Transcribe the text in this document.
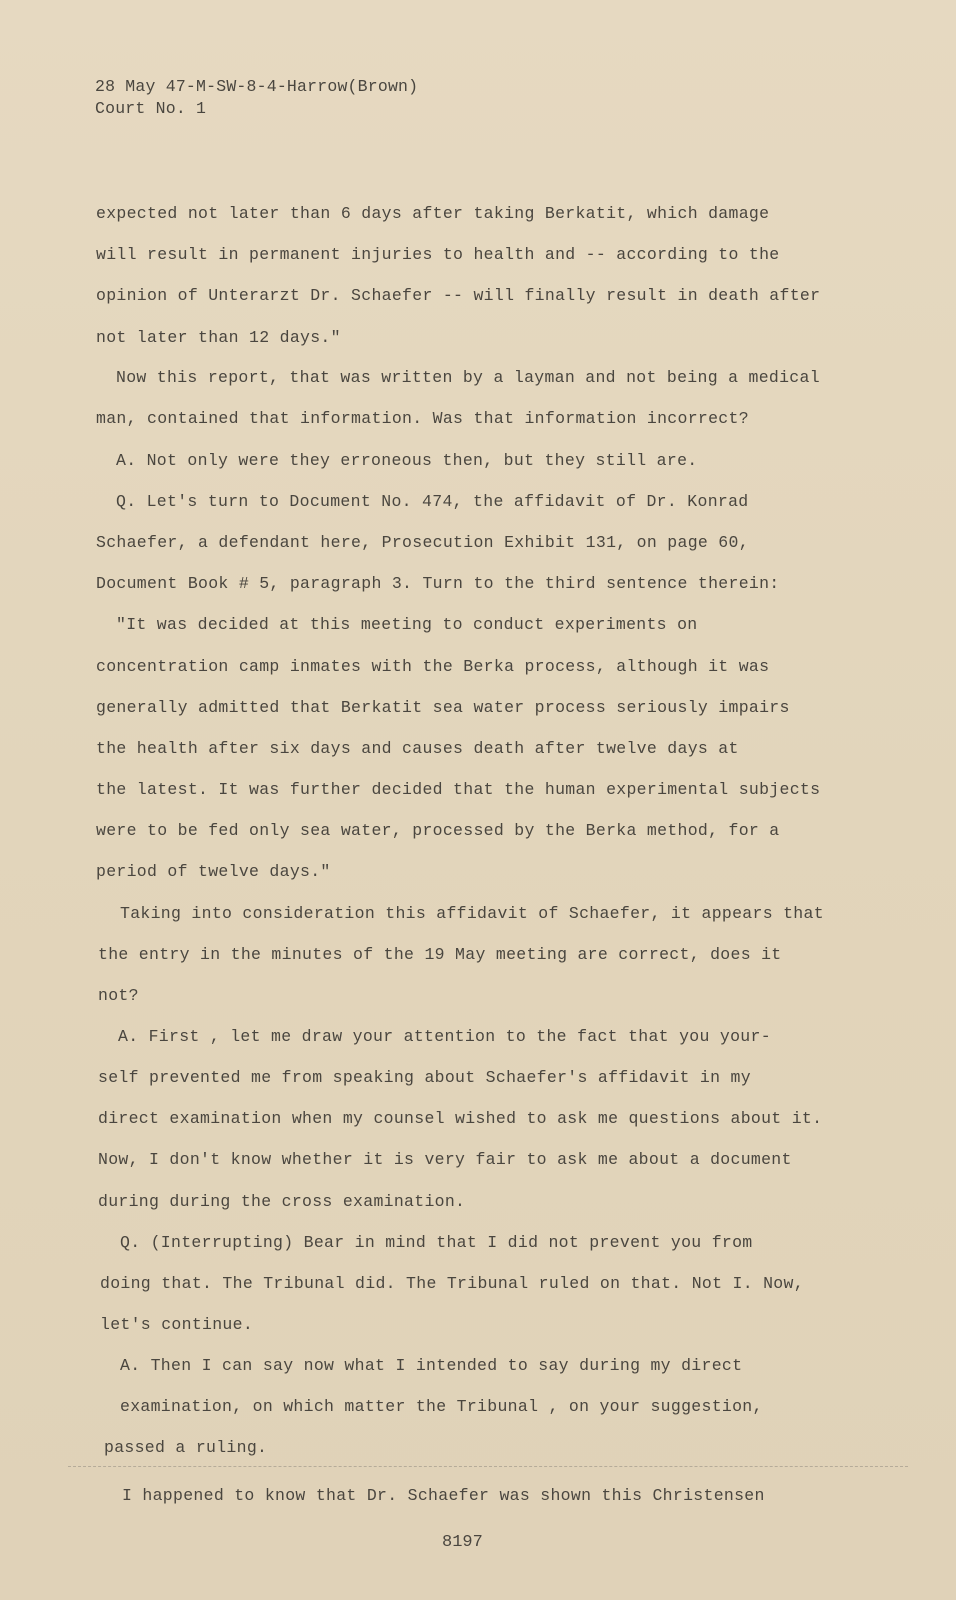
28 May 47-M-SW-8-4-Harrow(Brown)
Court No. 1
expected not later than 6 days after taking Berkatit, which damage
will result in permanent injuries to health and -- according to the
opinion of Unterarzt Dr. Schaefer -- will finally result in death after
not later than 12 days."
Now this report, that was written by a layman and not being a medical
man, contained that information. Was that information incorrect?
A. Not only were they erroneous then, but they still are.
Q. Let's turn to Document No. 474, the affidavit of Dr. Konrad
Schaefer, a defendant here, Prosecution Exhibit 131, on page 60,
Document Book # 5, paragraph 3. Turn to the third sentence therein:
"It was decided at this meeting to conduct experiments on
concentration camp inmates with the Berka process, although it was
generally admitted that Berkatit sea water process seriously impairs
the health after six days and causes death after twelve days at
the latest. It was further decided that the human experimental subjects
were to be fed only sea water, processed by the Berka method, for a
period of twelve days."
Taking into consideration this affidavit of Schaefer, it appears that
the entry in the minutes of the 19 May meeting are correct, does it
not?
A. First , let me draw your attention to the fact that you your-
self prevented me from speaking about Schaefer's affidavit in my
direct examination when my counsel wished to ask me questions about it.
Now, I don't know whether it is very fair to ask me about a document
during during the cross examination.
Q. (Interrupting) Bear in mind that I did not prevent you from
doing that. The Tribunal did. The Tribunal ruled on that. Not I. Now,
let's continue.
A. Then I can say now what I intended to say during my direct
examination, on which matter the Tribunal , on your suggestion,
passed a ruling.
I happened to know that Dr. Schaefer was shown this Christensen
8197
